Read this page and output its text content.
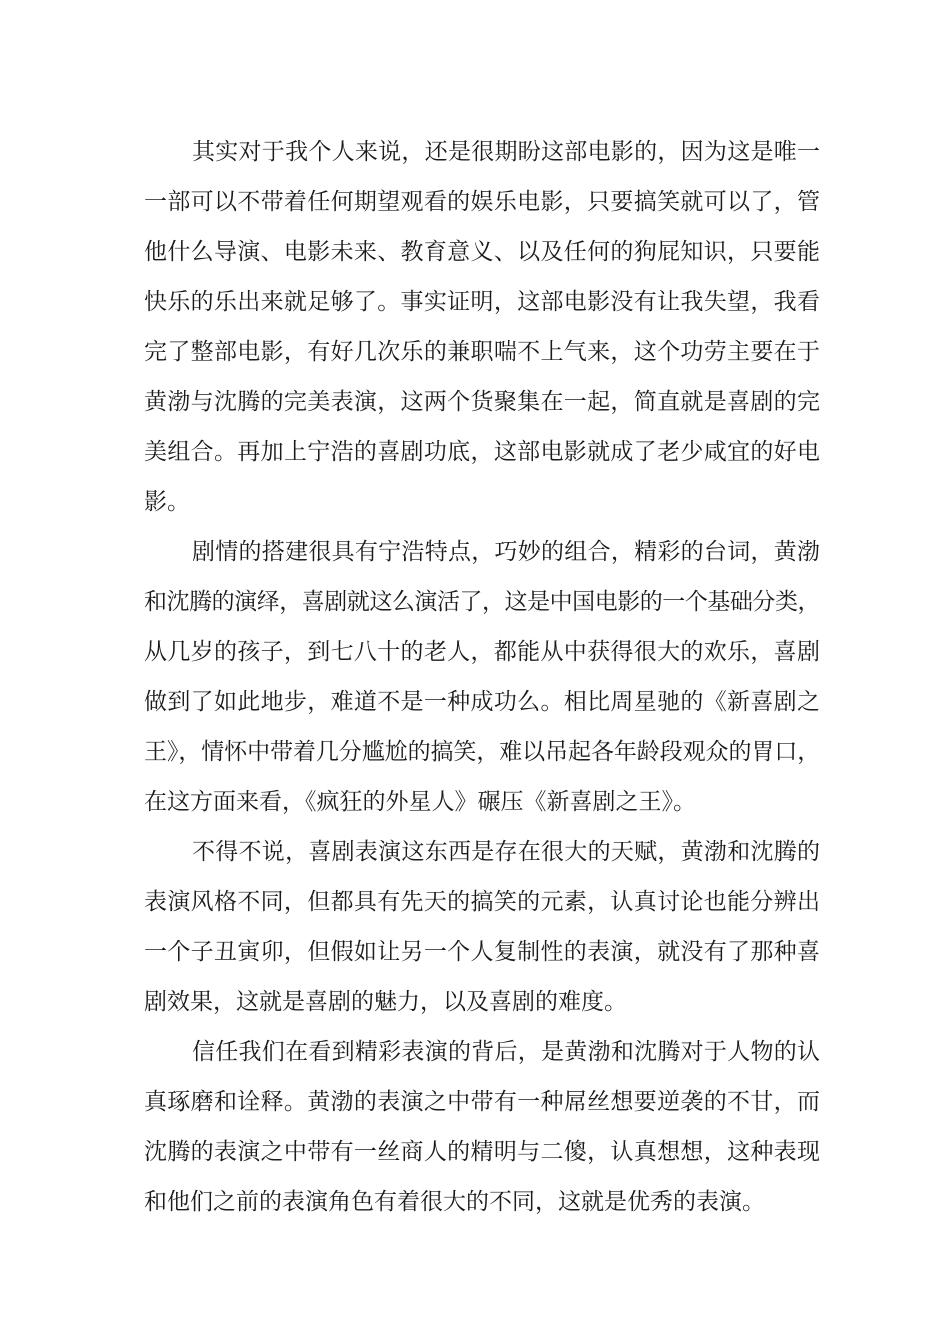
其实对于我个人来说，还是很期盼这部电影的，因为这是唯一
一部可以不带着任何期望观看的娱乐电影，只要搞笑就可以了，管
他什么导演、电影未来、教育意义、以及任何的狗屁知识，只要能
快乐的乐出来就足够了。事实证明，这部电影没有让我失望，我看
完了整部电影，有好几次乐的兼职喘不上气来，这个功劳主要在于
黄渤与沈腾的完美表演，这两个货聚集在一起，简直就是喜剧的完
美组合。再加上宁浩的喜剧功底，这部电影就成了老少咸宜的好电
影。
剧情的搭建很具有宁浩特点，巧妙的组合，精彩的台词，黄渤
和沈腾的演绎，喜剧就这么演活了，这是中国电影的一个基础分类，
从几岁的孩子，到七八十的老人，都能从中获得很大的欢乐，喜剧
做到了如此地步，难道不是一种成功么。相比周星驰的《新喜剧之
王》，情怀中带着几分尴尬的搞笑，难以吊起各年龄段观众的胃口，
在这方面来看，《疯狂的外星人》碾压《新喜剧之王》。
不得不说，喜剧表演这东西是存在很大的天赋，黄渤和沈腾的
表演风格不同，但都具有先天的搞笑的元素，认真讨论也能分辨出
一个子丑寅卯，但假如让另一个人复制性的表演，就没有了那种喜
剧效果，这就是喜剧的魅力，以及喜剧的难度。
信任我们在看到精彩表演的背后，是黄渤和沈腾对于人物的认
真琢磨和诠释。黄渤的表演之中带有一种屌丝想要逆袭的不甘，而
沈腾的表演之中带有一丝商人的精明与二傻，认真想想，这种表现
和他们之前的表演角色有着很大的不同，这就是优秀的表演。
